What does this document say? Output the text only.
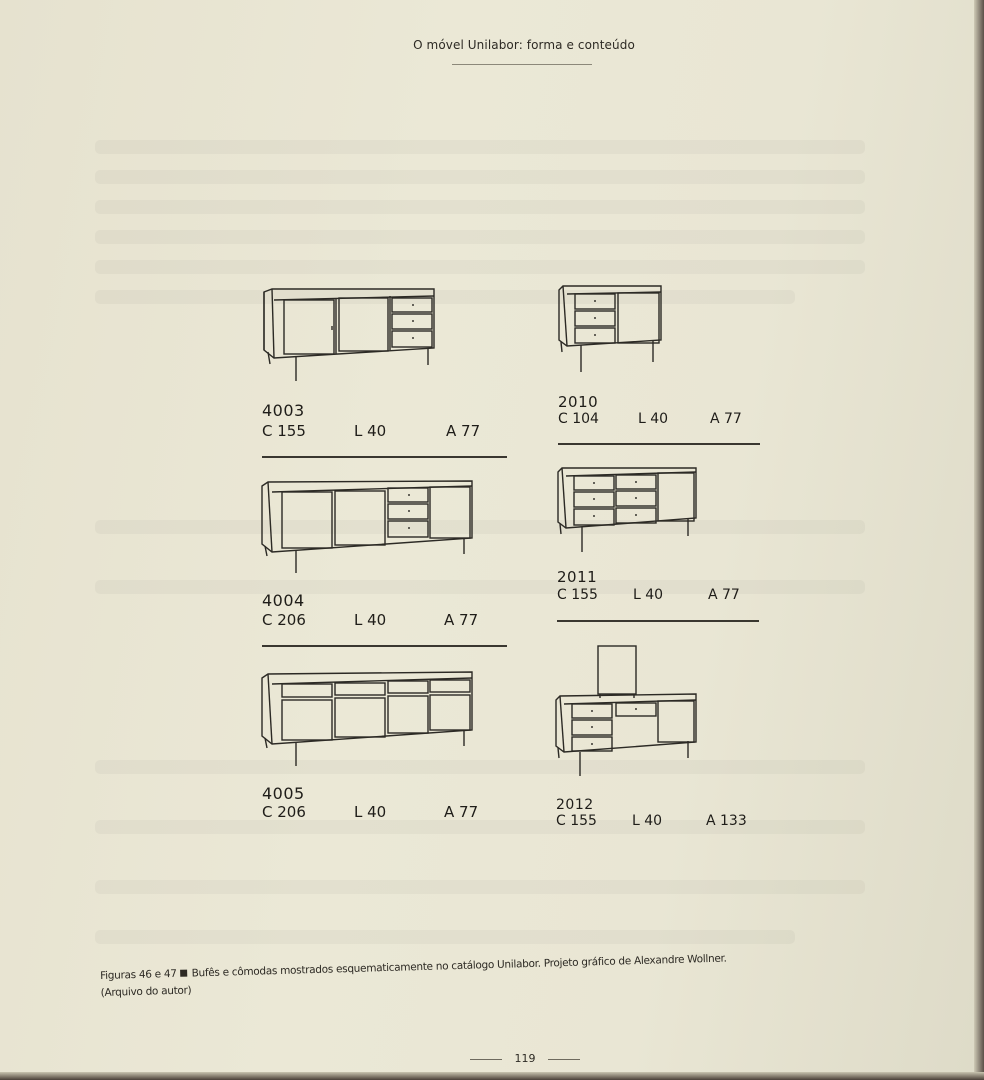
O móvel Unilabor: forma e conteúdo
4003
C 155	L 40	A 77
4004
C 206	L 40	A 77
4005
C 206	L 40	A 77
2010
C 104	L 40	A 77
2011
C 155	L 40	A 77
2012
C 155	L 40	A 133
Figuras 46 e 47 Bufês e cômodas mostrados esquematicamente no catálogo Unilabor. Projeto gráfico de Alexandre Wollner.
(Arquivo do autor)
119
